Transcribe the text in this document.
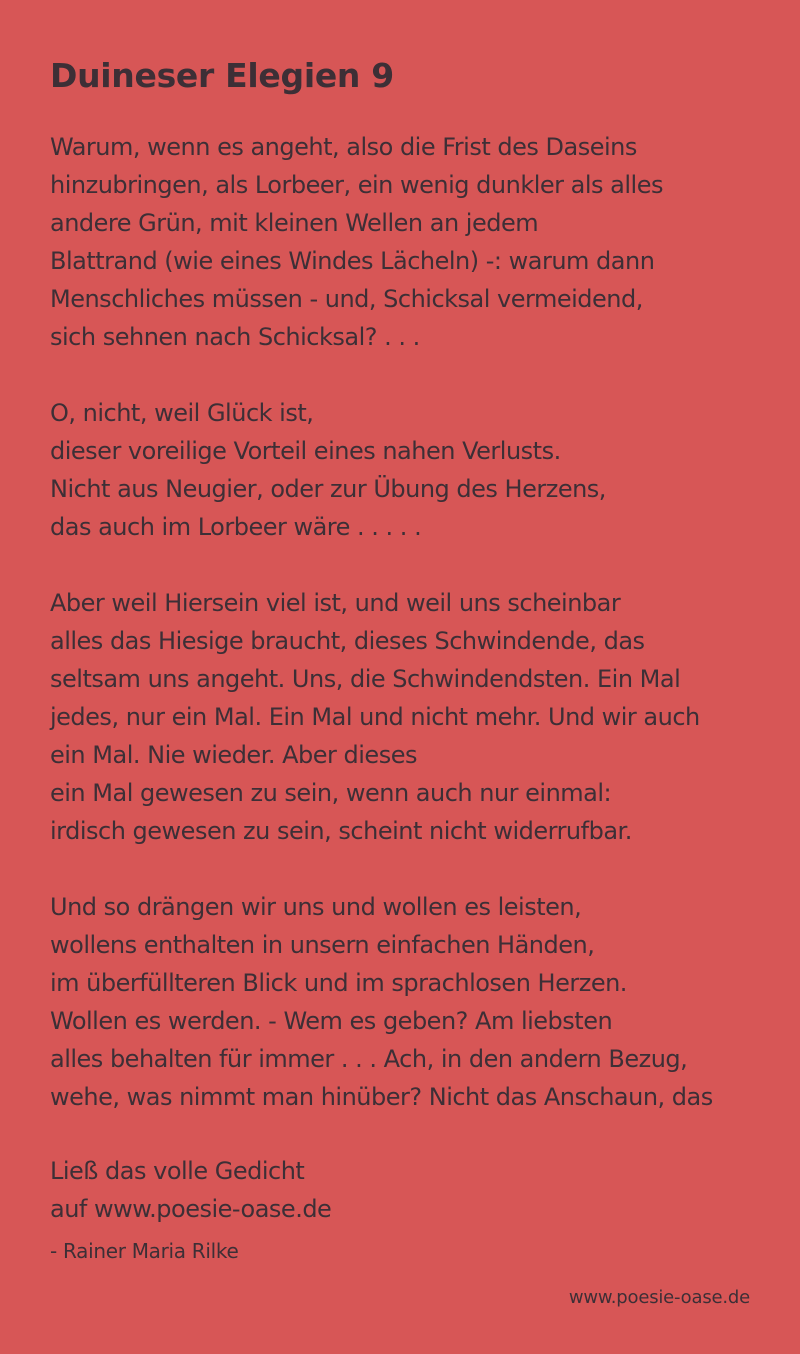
Duineser Elegien 9
Warum, wenn es angeht, also die Frist des Daseins
hinzubringen, als Lorbeer, ein wenig dunkler als alles
andere Grün, mit kleinen Wellen an jedem
Blattrand (wie eines Windes Lächeln) -: warum dann
Menschliches müssen - und, Schicksal vermeidend,
sich sehnen nach Schicksal? . . .
O, nicht, weil Glück ist,
dieser voreilige Vorteil eines nahen Verlusts.
Nicht aus Neugier, oder zur Übung des Herzens,
das auch im Lorbeer wäre . . . . .
Aber weil Hiersein viel ist, und weil uns scheinbar
alles das Hiesige braucht, dieses Schwindende, das
seltsam uns angeht. Uns, die Schwindendsten. Ein Mal
jedes, nur ein Mal. Ein Mal und nicht mehr. Und wir auch
ein Mal. Nie wieder. Aber dieses
ein Mal gewesen zu sein, wenn auch nur einmal:
irdisch gewesen zu sein, scheint nicht widerrufbar.
Und so drängen wir uns und wollen es leisten,
wollens enthalten in unsern einfachen Händen,
im überfüllteren Blick und im sprachlosen Herzen.
Wollen es werden. - Wem es geben? Am liebsten
alles behalten für immer . . . Ach, in den andern Bezug,
wehe, was nimmt man hinüber? Nicht das Anschaun, das
Ließ das volle Gedicht
auf www.poesie-oase.de
- Rainer Maria Rilke
www.poesie-oase.de
